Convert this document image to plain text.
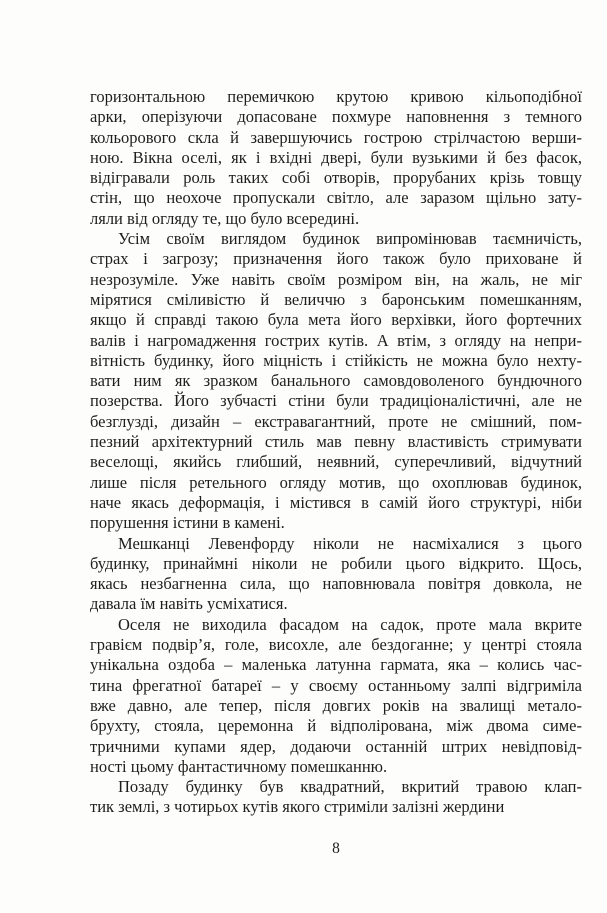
горизонтальною перемичкою крутою кривою кільоподібної
арки, оперізуючи допасоване похмуре наповнення з темного
кольорового скла й завершуючись гострою стрілчастою верши-
ною. Вікна оселі, як і вхідні двері, були вузькими й без фасок,
відігравали роль таких собі отворів, прорубаних крізь товщу
стін, що неохоче пропускали світло, але заразом щільно зату-
ляли від огляду те, що було всередині.
Усім своїм виглядом будинок випромінював таємничість,
страх і загрозу; призначення його також було приховане й
незрозуміле. Уже навіть своїм розміром він, на жаль, не міг
мірятися сміливістю й величчю з баронським помешканням,
якщо й справді такою була мета його верхівки, його фортечних
валів і нагромадження гострих кутів. А втім, з огляду на непри-
вітність будинку, його міцність і стійкість не можна було нехту-
вати ним як зразком банального самовдоволеного бундючного
позерства. Його зубчасті стіни були традиціоналістичні, але не
безглузді, дизайн – екстравагантний, проте не смішний, пом-
пезний архітектурний стиль мав певну властивість стримувати
веселощі, якийсь глибший, неявний, суперечливий, відчутний
лише після ретельного огляду мотив, що охоплював будинок,
наче якась деформація, і містився в самій його структурі, ніби
порушення істини в камені.
Мешканці Левенфорду ніколи не насміхалися з цього
будинку, принаймні ніколи не робили цього відкрито. Щось,
якась незбагненна сила, що наповнювала повітря довкола, не
давала їм навіть усміхатися.
Оселя не виходила фасадом на садок, проте мала вкрите
гравієм подвір’я, голе, висохле, але бездоганне; у центрі стояла
унікальна оздоба – маленька латунна гармата, яка – колись час-
тина фрегатної батареї – у своєму останньому залпі відгриміла
вже давно, але тепер, після довгих років на звалищі метало-
брухту, стояла, церемонна й відполірована, між двома симе-
тричними купами ядер, додаючи останній штрих невідповід-
ності цьому фантастичному помешканню.
Позаду будинку був квадратний, вкритий травою клап-
тик землі, з чотирьох кутів якого стриміли залізні жердини
8
